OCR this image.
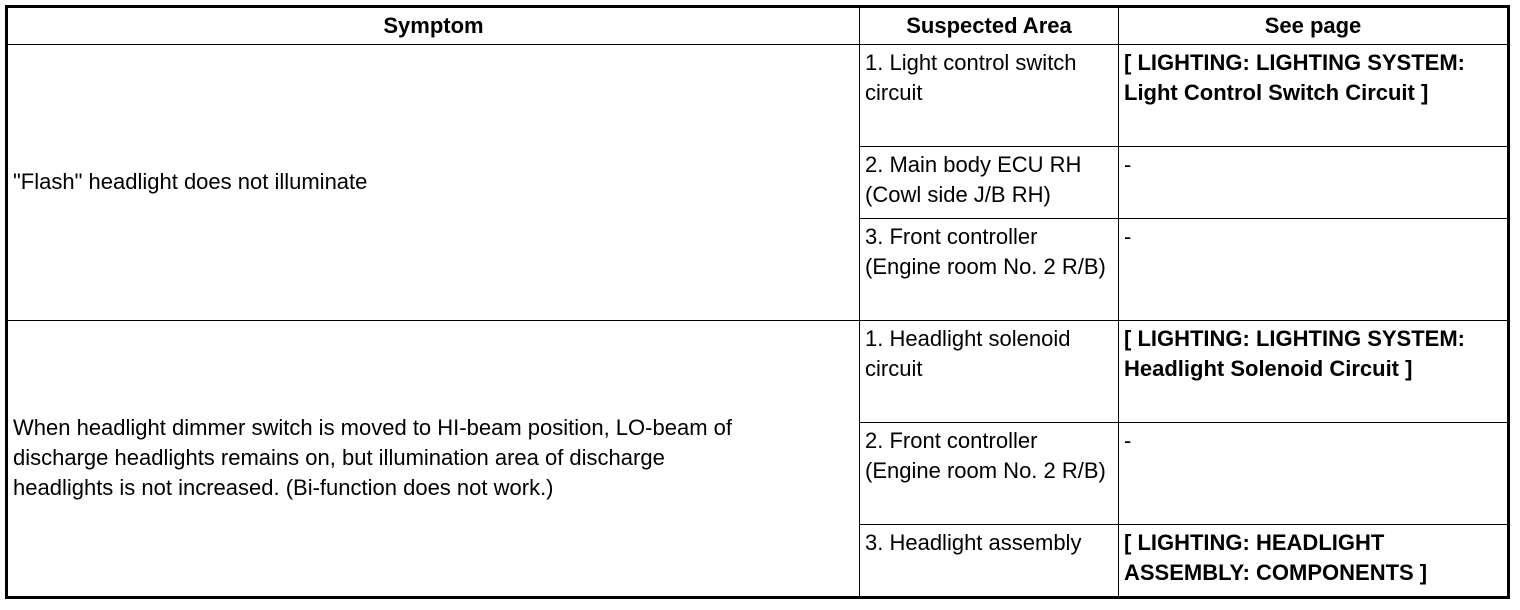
Symptom	Suspected Area	See page
"Flash" headlight does not illuminate	1. Light control switch circuit	[ LIGHTING: LIGHTING SYSTEM: Light Control Switch Circuit ]
	2. Main body ECU RH (Cowl side J/B RH)	-
	3. Front controller (Engine room No. 2 R/B)	-
When headlight dimmer switch is moved to HI-beam position, LO-beam of
discharge headlights remains on, but illumination area of discharge
headlights is not increased. (Bi-function does not work.)	1. Headlight solenoid circuit	[ LIGHTING: LIGHTING SYSTEM: Headlight Solenoid Circuit ]
	2. Front controller (Engine room No. 2 R/B)	-
	3. Headlight assembly	[ LIGHTING: HEADLIGHT ASSEMBLY: COMPONENTS ]
